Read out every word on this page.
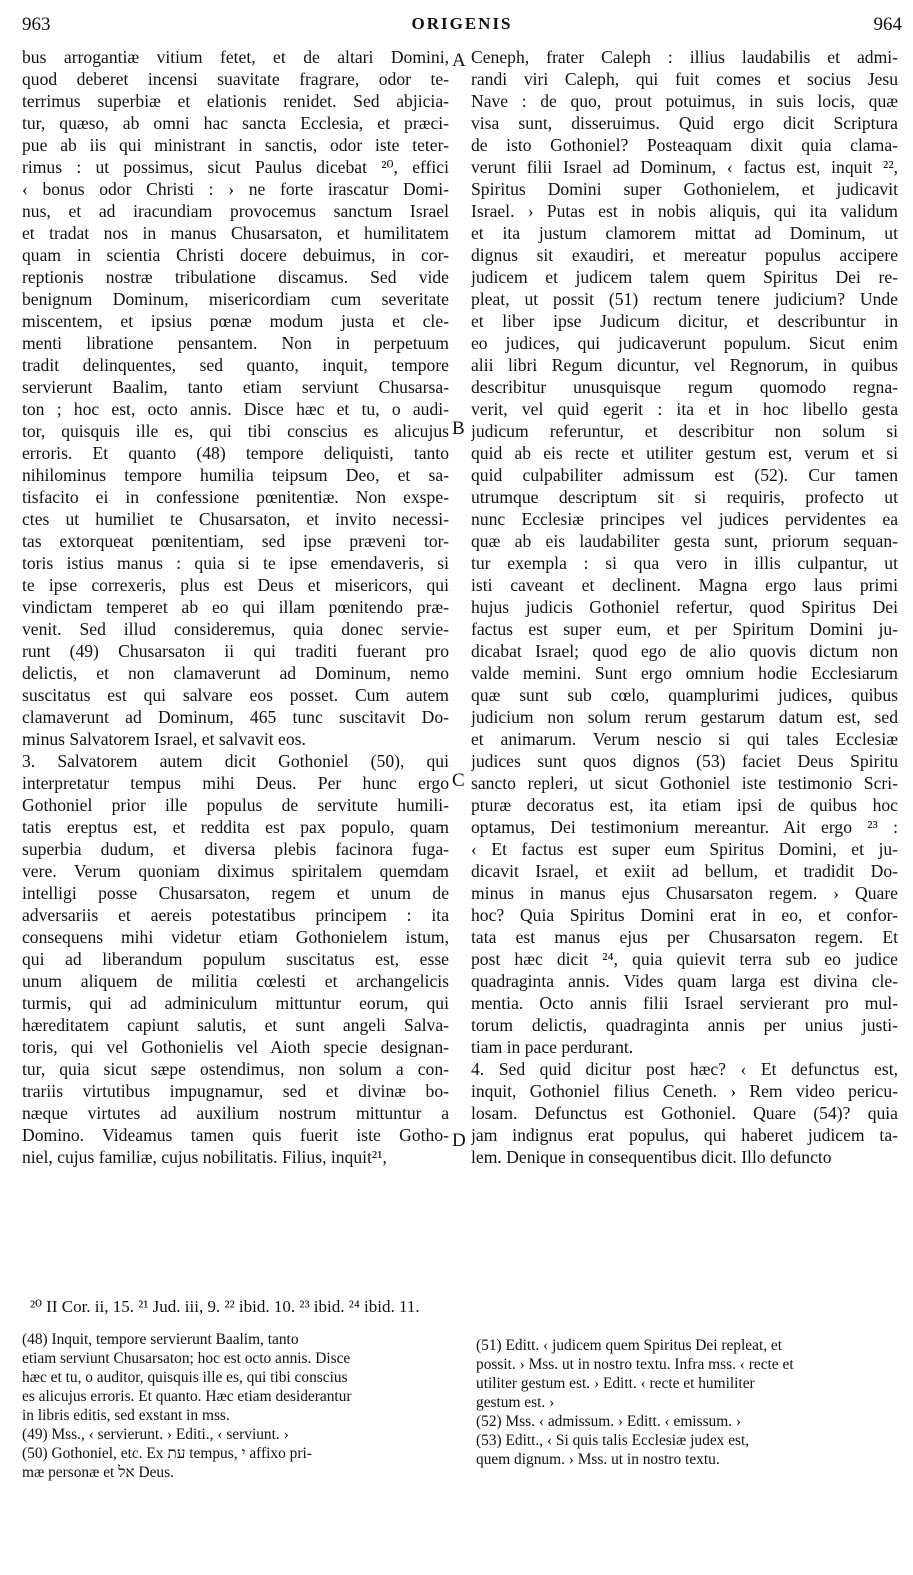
963	ORIGENIS	964
bus arrogantiæ vitium fetet, et de altari Domini,
quod deberet incensi suavitate fragrare, odor te-
terrimus superbiæ et elationis renidet. Sed abjicia-
tur, quæso, ab omni hac sancta Ecclesia, et præci-
pue ab iis qui ministrant in sanctis, odor iste teter-
rimus : ut possimus, sicut Paulus dicebat ²⁰, effici
‹ bonus odor Christi : › ne forte irascatur Domi-
nus, et ad iracundiam provocemus sanctum Israel
et tradat nos in manus Chusarsaton, et humilitatem
quam in scientia Christi docere debuimus, in cor-
reptionis nostræ tribulatione discamus. Sed vide
benignum Dominum, misericordiam cum severitate
miscentem, et ipsius pœnæ modum justa et cle-
menti libratione pensantem. Non in perpetuum
tradit delinquentes, sed quanto, inquit, tempore
servierunt Baalim, tanto etiam serviunt Chusarsa-
ton ; hoc est, octo annis. Disce hæc et tu, o audi-
tor, quisquis ille es, qui tibi conscius es alicujus
erroris. Et quanto (48) tempore deliquisti, tanto
nihilominus tempore humilia teipsum Deo, et sa-
tisfacito ei in confessione pœnitentiæ. Non exspe-
ctes ut humiliet te Chusarsaton, et invito necessi-
tas extorqueat pœnitentiam, sed ipse præveni tor-
toris istius manus : quia si te ipse emendaveris, si
te ipse correxeris, plus est Deus et misericors, qui
vindictam temperet ab eo qui illam pœnitendo præ-
venit. Sed illud consideremus, quia donec servie-
runt (49) Chusarsaton ii qui traditi fuerant pro
delictis, et non clamaverunt ad Dominum, nemo
suscitatus est qui salvare eos posset. Cum autem
clamaverunt ad Dominum, 465 tunc suscitavit Do-
minus Salvatorem Israel, et salvavit eos.
3. Salvatorem autem dicit Gothoniel (50), qui
interpretatur tempus mihi Deus. Per hunc ergo
Gothoniel prior ille populus de servitute humili-
tatis ereptus est, et reddita est pax populo, quam
superbia dudum, et diversa plebis facinora fuga-
vere. Verum quoniam diximus spiritalem quemdam
intelligi posse Chusarsaton, regem et unum de
adversariis et aereis potestatibus principem : ita
consequens mihi videtur etiam Gothonielem istum,
qui ad liberandum populum suscitatus est, esse
unum aliquem de militia cœlesti et archangelicis
turmis, qui ad adminiculum mittuntur eorum, qui
hæreditatem capiunt salutis, et sunt angeli Salva-
toris, qui vel Gothonielis vel Aioth specie designan-
tur, quia sicut sæpe ostendimus, non solum a con-
trariis virtutibus impugnamur, sed et divinæ bo-
næque virtutes ad auxilium nostrum mittuntur a
Domino. Videamus tamen quis fuerit iste Gotho-
niel, cujus familiæ, cujus nobilitatis. Filius, inquit²¹,
Ceneph, frater Caleph : illius laudabilis et admi-
randi viri Caleph, qui fuit comes et socius Jesu
Nave : de quo, prout potuimus, in suis locis, quæ
visa sunt, disseruimus. Quid ergo dicit Scriptura
de isto Gothoniel? Posteaquam dixit quia clama-
verunt filii Israel ad Dominum, ‹ factus est, inquit ²²,
Spiritus Domini super Gothonielem, et judicavit
Israel. › Putas est in nobis aliquis, qui ita validum
et ita justum clamorem mittat ad Dominum, ut
dignus sit exaudiri, et mereatur populus accipere
judicem et judicem talem quem Spiritus Dei re-
pleat, ut possit (51) rectum tenere judicium? Unde
et liber ipse Judicum dicitur, et describuntur in
eo judices, qui judicaverunt populum. Sicut enim
alii libri Regum dicuntur, vel Regnorum, in quibus
describitur unusquisque regum quomodo regna-
verit, vel quid egerit : ita et in hoc libello gesta
judicum referuntur, et describitur non solum si
quid ab eis recte et utiliter gestum est, verum et si
quid culpabiliter admissum est (52). Cur tamen
utrumque descriptum sit si requiris, profecto ut
nunc Ecclesiæ principes vel judices pervidentes ea
quæ ab eis laudabiliter gesta sunt, priorum sequan-
tur exempla : si qua vero in illis culpantur, ut
isti caveant et declinent. Magna ergo laus primi
hujus judicis Gothoniel refertur, quod Spiritus Dei
factus est super eum, et per Spiritum Domini ju-
dicabat Israel; quod ego de alio quovis dictum non
valde memini. Sunt ergo omnium hodie Ecclesiarum
quæ sunt sub cœlo, quamplurimi judices, quibus
judicium non solum rerum gestarum datum est, sed
et animarum. Verum nescio si qui tales Ecclesiæ
judices sunt quos dignos (53) faciet Deus Spiritu
sancto repleri, ut sicut Gothoniel iste testimonio Scri-
pturæ decoratus est, ita etiam ipsi de quibus hoc
optamus, Dei testimonium mereantur. Ait ergo ²³ :
‹ Et factus est super eum Spiritus Domini, et ju-
dicavit Israel, et exiit ad bellum, et tradidit Do-
minus in manus ejus Chusarsaton regem. › Quare
hoc? Quia Spiritus Domini erat in eo, et confor-
tata est manus ejus per Chusarsaton regem. Et
post hæc dicit ²⁴, quia quievit terra sub eo judice
quadraginta annis. Vides quam larga est divina cle-
mentia. Octo annis filii Israel servierant pro mul-
torum delictis, quadraginta annis per unius justi-
tiam in pace perdurant.
4. Sed quid dicitur post hæc? ‹ Et defunctus est,
inquit, Gothoniel filius Ceneth. › Rem video pericu-
losam. Defunctus est Gothoniel. Quare (54)? quia
jam indignus erat populus, qui haberet judicem ta-
lem. Denique in consequentibus dicit. Illo defuncto
A
B
C
D
²⁰ II Cor. ii, 15. ²¹ Jud. iii, 9. ²² ibid. 10. ²³ ibid. ²⁴ ibid. 11.
(48) Inquit, tempore servierunt Baalim, tanto
etiam serviunt Chusarsaton; hoc est octo annis. Disce
hæc et tu, o auditor, quisquis ille es, qui tibi conscius
es alicujus erroris. Et quanto. Hæc etiam desiderantur
in libris editis, sed exstant in mss.
(49) Mss., ‹ servierunt. › Editi., ‹ serviunt. ›
(50) Gothoniel, etc. Ex עת tempus, י affixo pri-
mæ personæ et אל Deus.
(51) Editt. ‹ judicem quem Spiritus Dei repleat, et
possit. › Mss. ut in nostro textu. Infra mss. ‹ recte et
utiliter gestum est. › Editt. ‹ recte et humiliter
gestum est. ›
(52) Mss. ‹ admissum. › Editt. ‹ emissum. ›
(53) Editt., ‹ Si quis talis Ecclesiæ judex est,
quem dignum. › Mss. ut in nostro textu.
